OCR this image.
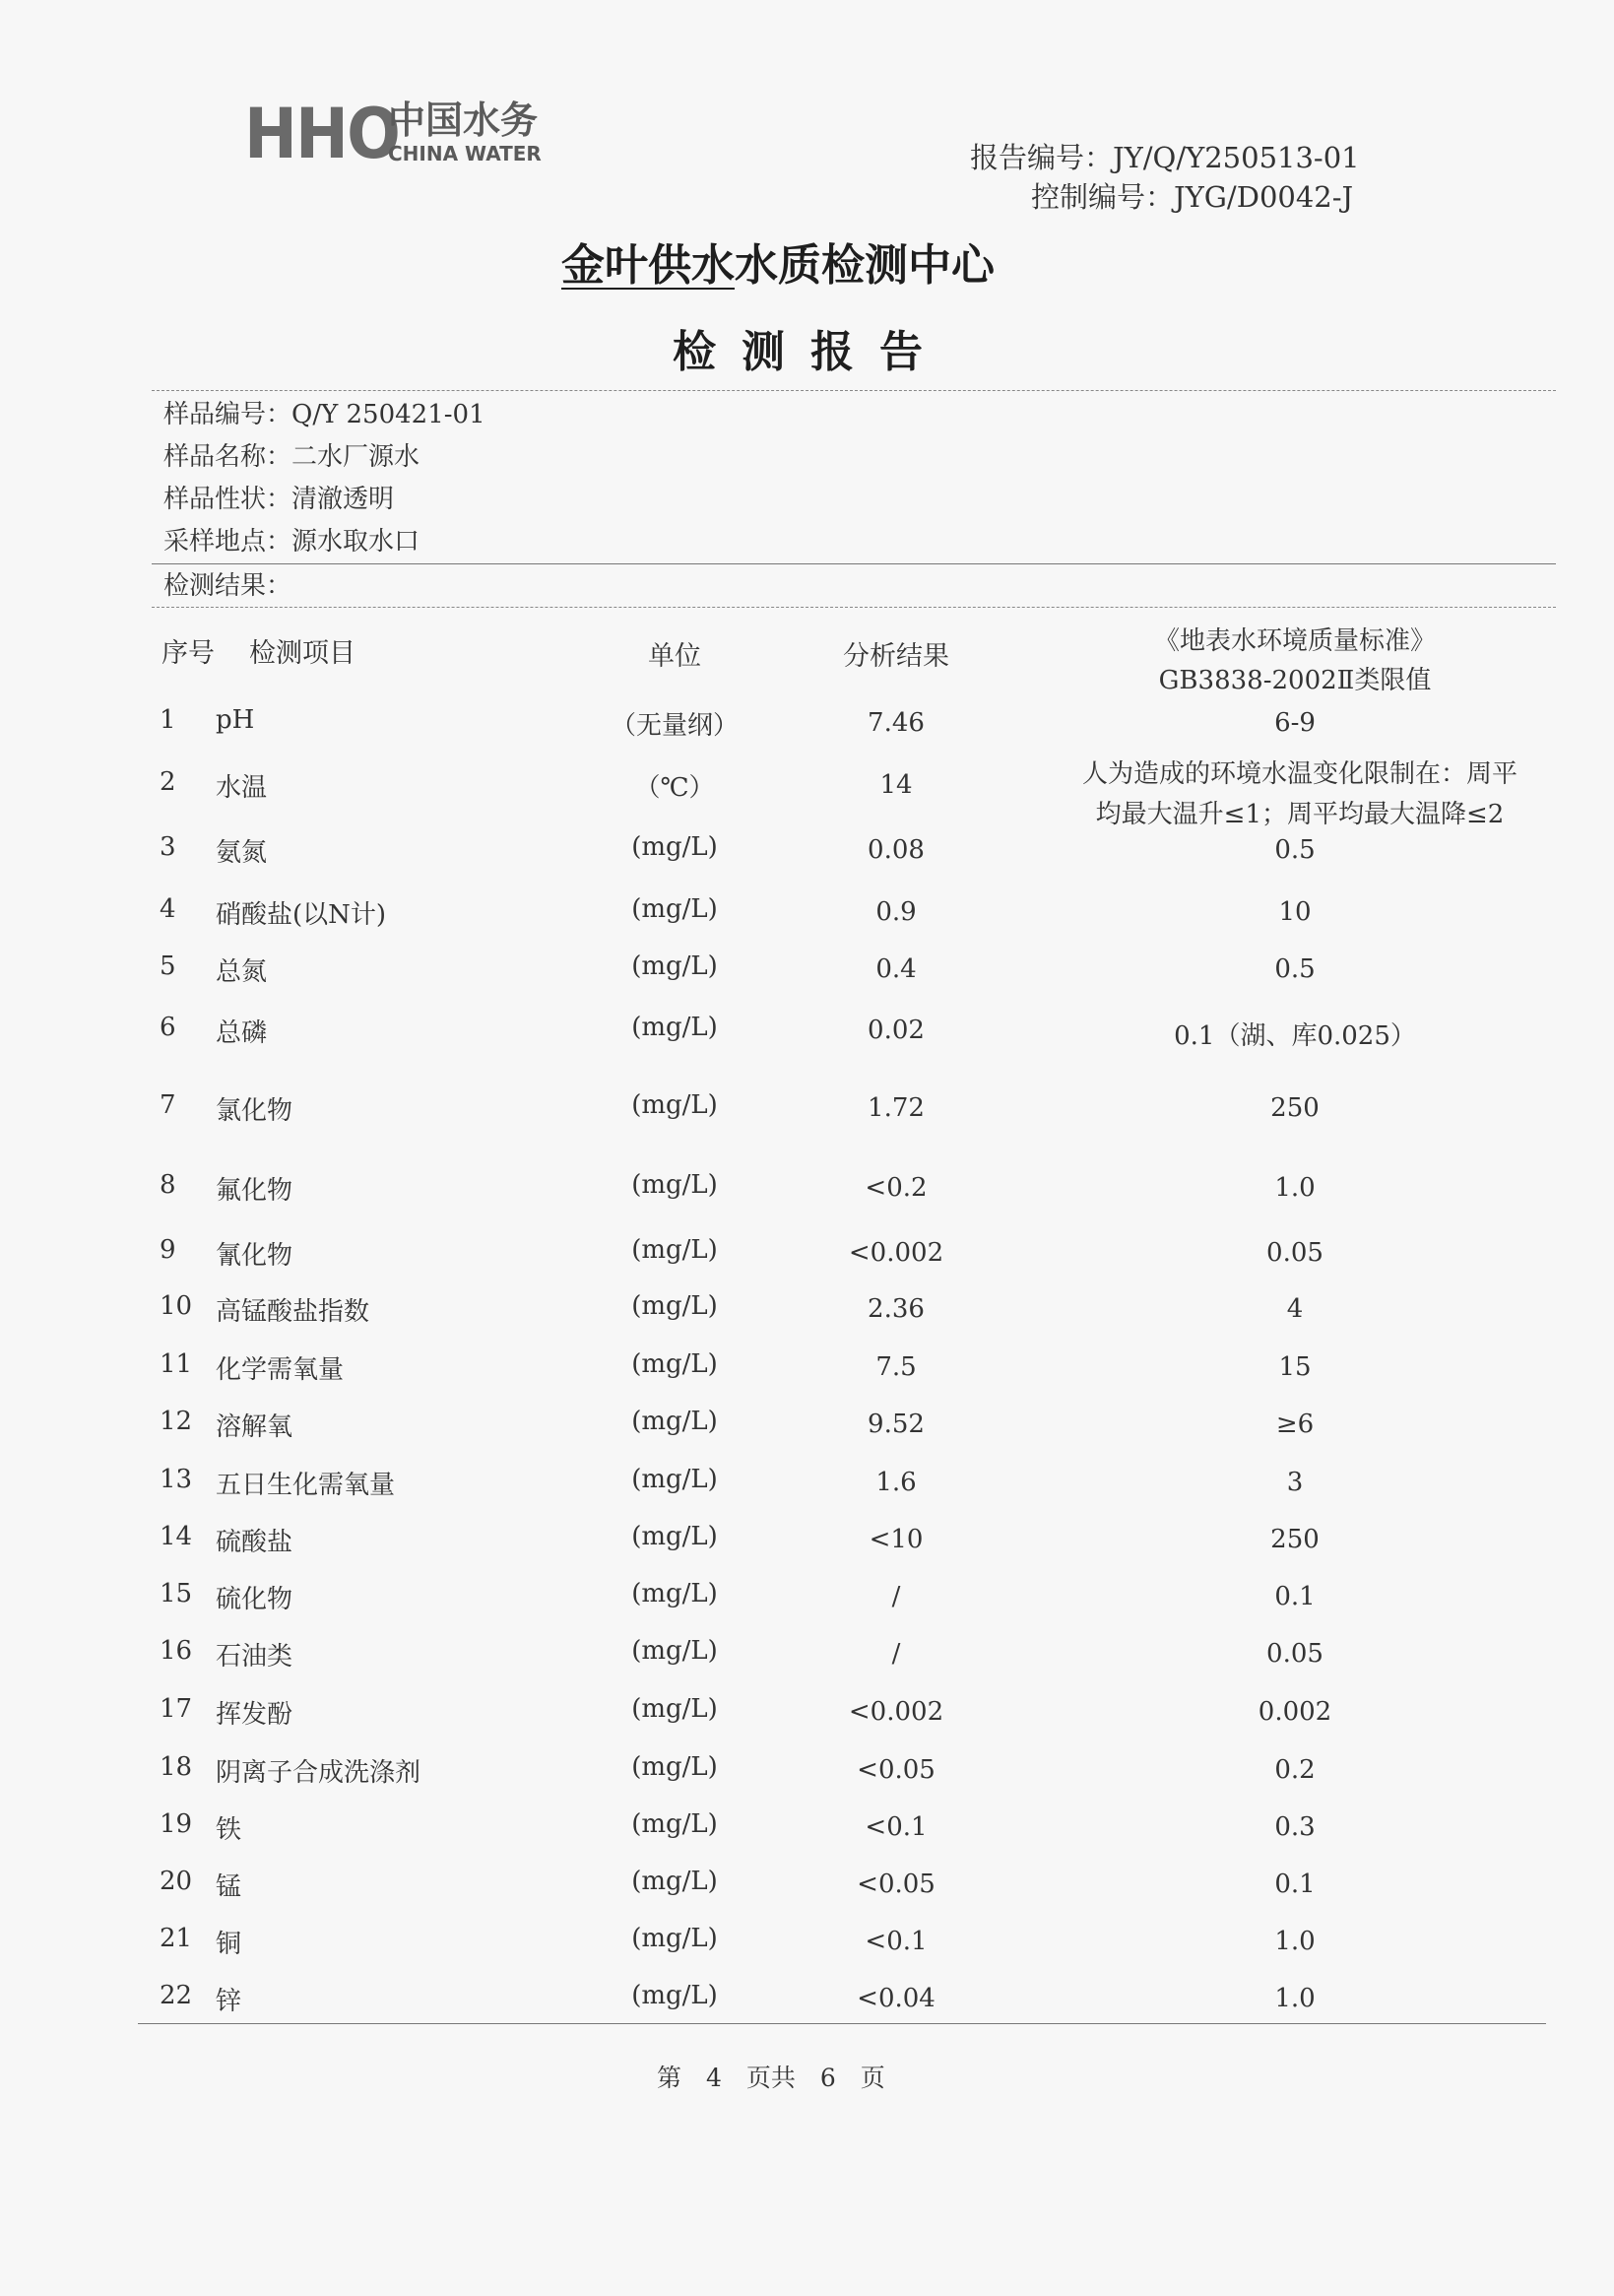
HHO
中国水务
CHINA WATER	报告编号：JY/Q/Y250513-01
控制编号：JYG/D0042-J
金叶供水水质检测中心
检测报告
样品编号：Q/Y 250421-01
样品名称：二水厂源水
样品性状：清澈透明
采样地点：源水取水口
检测结果：
序号 检测项目	单位	分析结果	《地表水环境质量标准》
GB3838-2002Ⅱ类限值
1	pH	（无量纲）	7.46	6-9
2	水温	（℃）	14	人为造成的环境水温变化限制在：周平
均最大温升≤1；周平均最大温降≤2
3	氨氮	(mg/L)	0.08	0.5
4	硝酸盐(以N计)	(mg/L)	0.9	10
5	总氮	(mg/L)	0.4	0.5
6	总磷	(mg/L)	0.02	0.1（湖、库0.025）
7	氯化物	(mg/L)	1.72	250
8	氟化物	(mg/L)	<0.2	1.0
9	氰化物	(mg/L)	<0.002	0.05
10 高锰酸盐指数	(mg/L)	2.36	4
11 化学需氧量	(mg/L)	7.5	15
12 溶解氧	(mg/L)	9.52	≥6
13 五日生化需氧量	(mg/L)	1.6	3
14 硫酸盐	(mg/L)	<10	250
15 硫化物	(mg/L)	/	0.1
16 石油类	(mg/L)	/	0.05
17 挥发酚	(mg/L)	<0.002	0.002
18 阴离子合成洗涤剂	(mg/L)	<0.05	0.2
19 铁	(mg/L)	<0.1	0.3
20 锰	(mg/L)	<0.05	0.1
21 铜	(mg/L)	<0.1	1.0
22 锌	(mg/L)	<0.04	1.0
第　4　页共　6　页
